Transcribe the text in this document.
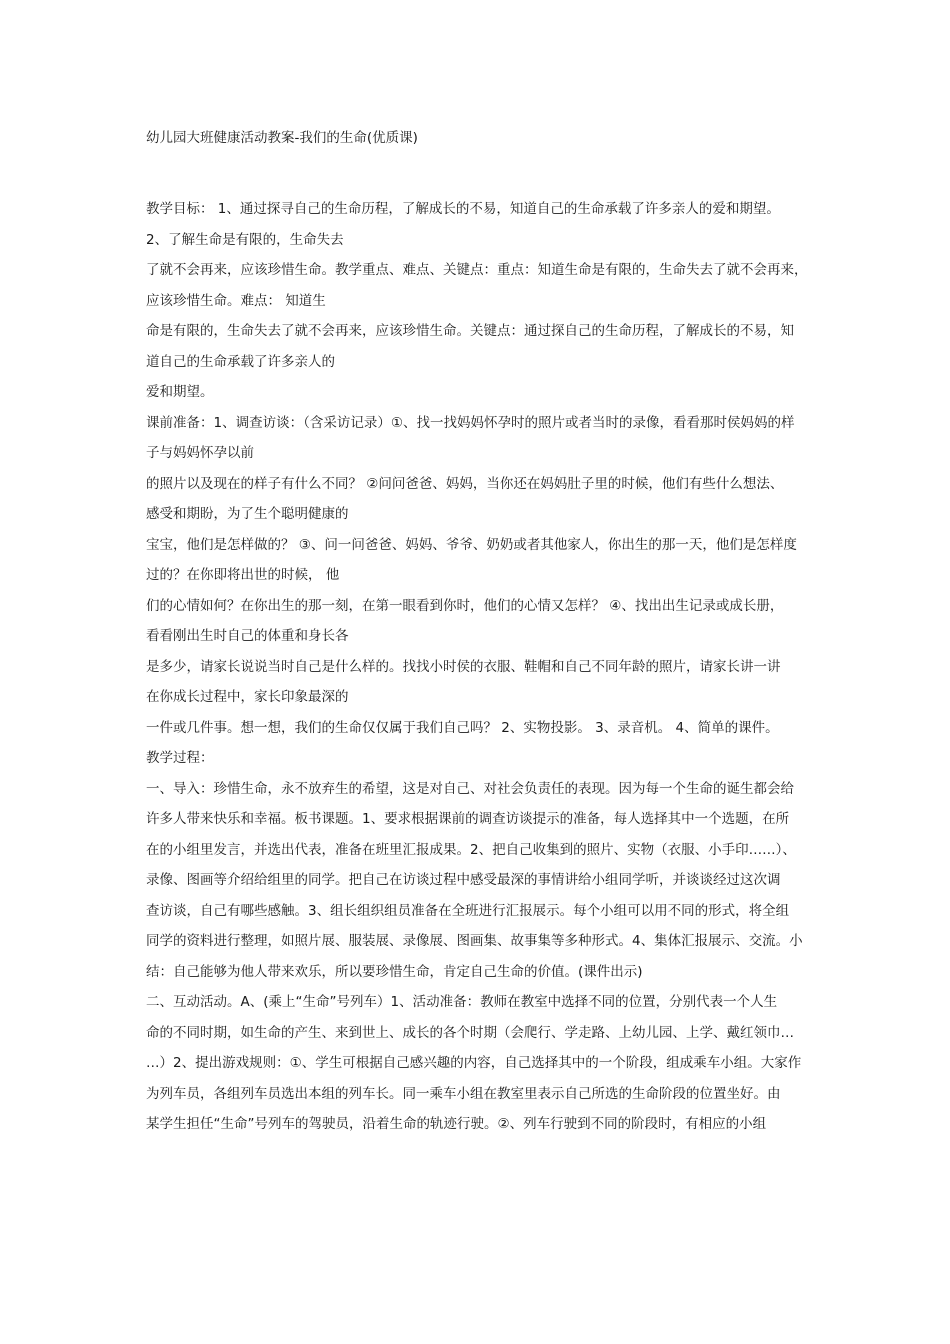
幼儿园大班健康活动教案-我们的生命(优质课)
教学目标： 1、通过探寻自己的生命历程，了解成长的不易，知道自己的生命承载了许多亲人的爱和期望。
2、了解生命是有限的，生命失去
了就不会再来，应该珍惜生命。教学重点、难点、关键点：重点：知道生命是有限的，生命失去了就不会再来，
应该珍惜生命。难点： 知道生
命是有限的，生命失去了就不会再来，应该珍惜生命。关键点：通过探自己的生命历程，了解成长的不易，知
道自己的生命承载了许多亲人的
爱和期望。
课前准备：1、调查访谈：（含采访记录）①、找一找妈妈怀孕时的照片或者当时的录像，看看那时侯妈妈的样
子与妈妈怀孕以前
的照片以及现在的样子有什么不同？ ②问问爸爸、妈妈，当你还在妈妈肚子里的时候，他们有些什么想法、
感受和期盼，为了生个聪明健康的
宝宝，他们是怎样做的？ ③、问一问爸爸、妈妈、爷爷、奶奶或者其他家人，你出生的那一天，他们是怎样度
过的？在你即将出世的时候， 他
们的心情如何？在你出生的那一刻，在第一眼看到你时，他们的心情又怎样？ ④、找出出生记录或成长册，
看看刚出生时自己的体重和身长各
是多少，请家长说说当时自己是什么样的。找找小时侯的衣服、鞋帽和自己不同年龄的照片，请家长讲一讲
在你成长过程中，家长印象最深的
一件或几件事。想一想，我们的生命仅仅属于我们自己吗？ 2、实物投影。 3、录音机。 4、简单的课件。
教学过程：
一、导入：珍惜生命，永不放弃生的希望，这是对自己、对社会负责任的表现。因为每一个生命的诞生都会给
许多人带来快乐和幸福。板书课题。1、要求根据课前的调查访谈提示的准备，每人选择其中一个选题，在所
在的小组里发言，并选出代表，准备在班里汇报成果。2、把自己收集到的照片、实物（衣服、小手印……）、
录像、图画等介绍给组里的同学。把自己在访谈过程中感受最深的事情讲给小组同学听，并谈谈经过这次调
查访谈，自己有哪些感触。3、组长组织组员准备在全班进行汇报展示。每个小组可以用不同的形式，将全组
同学的资料进行整理，如照片展、服装展、录像展、图画集、故事集等多种形式。4、集体汇报展示、交流。小
结：自己能够为他人带来欢乐，所以要珍惜生命，肯定自己生命的价值。(课件出示)
二、互动活动。A、(乘上“生命”号列车）1、活动准备：教师在教室中选择不同的位置，分别代表一个人生
命的不同时期，如生命的产生、来到世上、成长的各个时期（会爬行、学走路、上幼儿园、上学、戴红领巾…
…）2、提出游戏规则：①、学生可根据自己感兴趣的内容，自己选择其中的一个阶段，组成乘车小组。大家作
为列车员，各组列车员选出本组的列车长。同一乘车小组在教室里表示自己所选的生命阶段的位置坐好。由
某学生担任“生命”号列车的驾驶员，沿着生命的轨迹行驶。②、列车行驶到不同的阶段时，有相应的小组
